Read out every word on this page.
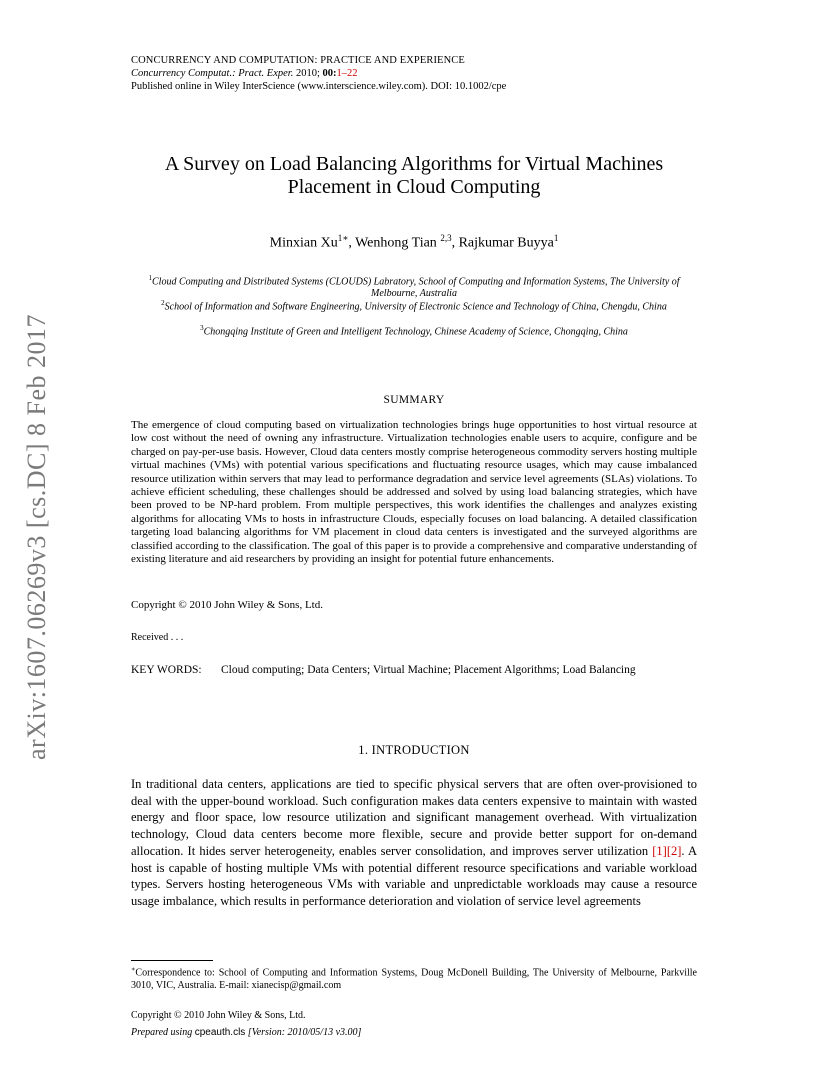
CONCURRENCY AND COMPUTATION: PRACTICE AND EXPERIENCE
Concurrency Computat.: Pract. Exper. 2010; 00:1–22
Published online in Wiley InterScience (www.interscience.wiley.com). DOI: 10.1002/cpe
arXiv:1607.06269v3 [cs.DC] 8 Feb 2017
A Survey on Load Balancing Algorithms for Virtual Machines
Placement in Cloud Computing
Minxian $Xu^{1∗}$, Wenhong Tian $^{2,3}$, Rajkumar Buyya$^1$
$^1$Cloud Computing and Distributed Systems (CLOUDS) Labratory, School of Computing and Information Systems, The University of Melbourne, Australia
$^2$School of Information and Software Engineering, University of Electronic Science and Technology of China, Chengdu, China
$^3$Chongqing Institute of Green and Intelligent Technology, Chinese Academy of Science, Chongqing, China
SUMMARY
The emergence of cloud computing based on virtualization technologies brings huge opportunities to host virtual resource at low cost without the need of owning any infrastructure. Virtualization technologies enable users to acquire, configure and be charged on pay-per-use basis. However, Cloud data centers mostly comprise heterogeneous commodity servers hosting multiple virtual machines (VMs) with potential various specifications and fluctuating resource usages, which may cause imbalanced resource utilization within servers that may lead to performance degradation and service level agreements (SLAs) violations. To achieve efficient scheduling, these challenges should be addressed and solved by using load balancing strategies, which have been proved to be NP-hard problem. From multiple perspectives, this work identifies the challenges and analyzes existing algorithms for allocating VMs to hosts in infrastructure Clouds, especially focuses on load balancing. A detailed classification targeting load balancing algorithms for VM placement in cloud data centers is investigated and the surveyed algorithms are classified according to the classification. The goal of this paper is to provide a comprehensive and comparative understanding of existing literature and aid researchers by providing an insight for potential future enhancements.
Copyright © 2010 John Wiley & Sons, Ltd.
Received . . .
KEY WORDS: Cloud computing; Data Centers; Virtual Machine; Placement Algorithms; Load Balancing
1. INTRODUCTION
In traditional data centers, applications are tied to specific physical servers that are often over-provisioned to deal with the upper-bound workload. Such configuration makes data centers expensive to maintain with wasted energy and floor space, low resource utilization and significant management overhead. With virtualization technology, Cloud data centers become more flexible, secure and provide better support for on-demand allocation. It hides server heterogeneity, enables server consolidation, and improves server utilization [1][2]. A host is capable of hosting multiple VMs with potential different resource specifications and variable workload types. Servers hosting heterogeneous VMs with variable and unpredictable workloads may cause a resource usage imbalance, which results in performance deterioration and violation of service level agreements
∗Correspondence to: School of Computing and Information Systems, Doug McDonell Building, The University of Melbourne, Parkville 3010, VIC, Australia. E-mail: xianecisp@gmail.com
Copyright © 2010 John Wiley & Sons, Ltd.
Prepared using cpeauth.cls [Version: 2010/05/13 v3.00]
